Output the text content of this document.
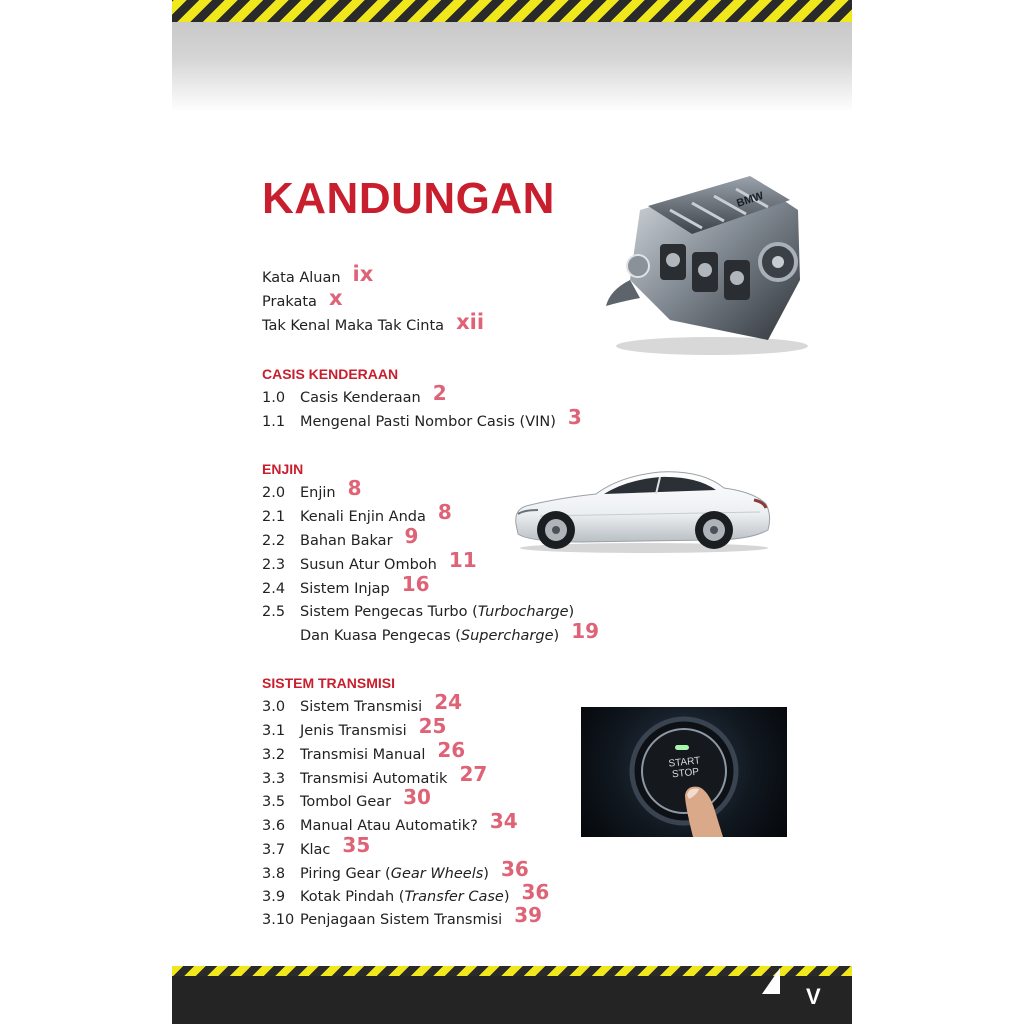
KANDUNGAN
Kata Aluan ix
Prakata x
Tak Kenal Maka Tak Cinta xii
CASIS KENDERAAN
1.0	Casis Kenderaan 2
1.1	Mengenal Pasti Nombor Casis (VIN) 3
ENJIN
2.0	Enjin 8
2.1	Kenali Enjin Anda 8
2.2	Bahan Bakar 9
2.3	Susun Atur Omboh 11
2.4	Sistem Injap 16
2.5	Sistem Pengecas Turbo (Turbocharge)
Dan Kuasa Pengecas (Supercharge) 19
SISTEM TRANSMISI
3.0	Sistem Transmisi 24
3.1	Jenis Transmisi 25
3.2	Transmisi Manual 26
3.3	Transmisi Automatik 27
3.5	Tombol Gear 30
3.6	Manual Atau Automatik? 34
3.7	Klac 35
3.8	Piring Gear (Gear Wheels) 36
3.9	Kotak Pindah (Transfer Case) 36
3.10 Penjagaan Sistem Transmisi 39
BMW
START
STOP
V
